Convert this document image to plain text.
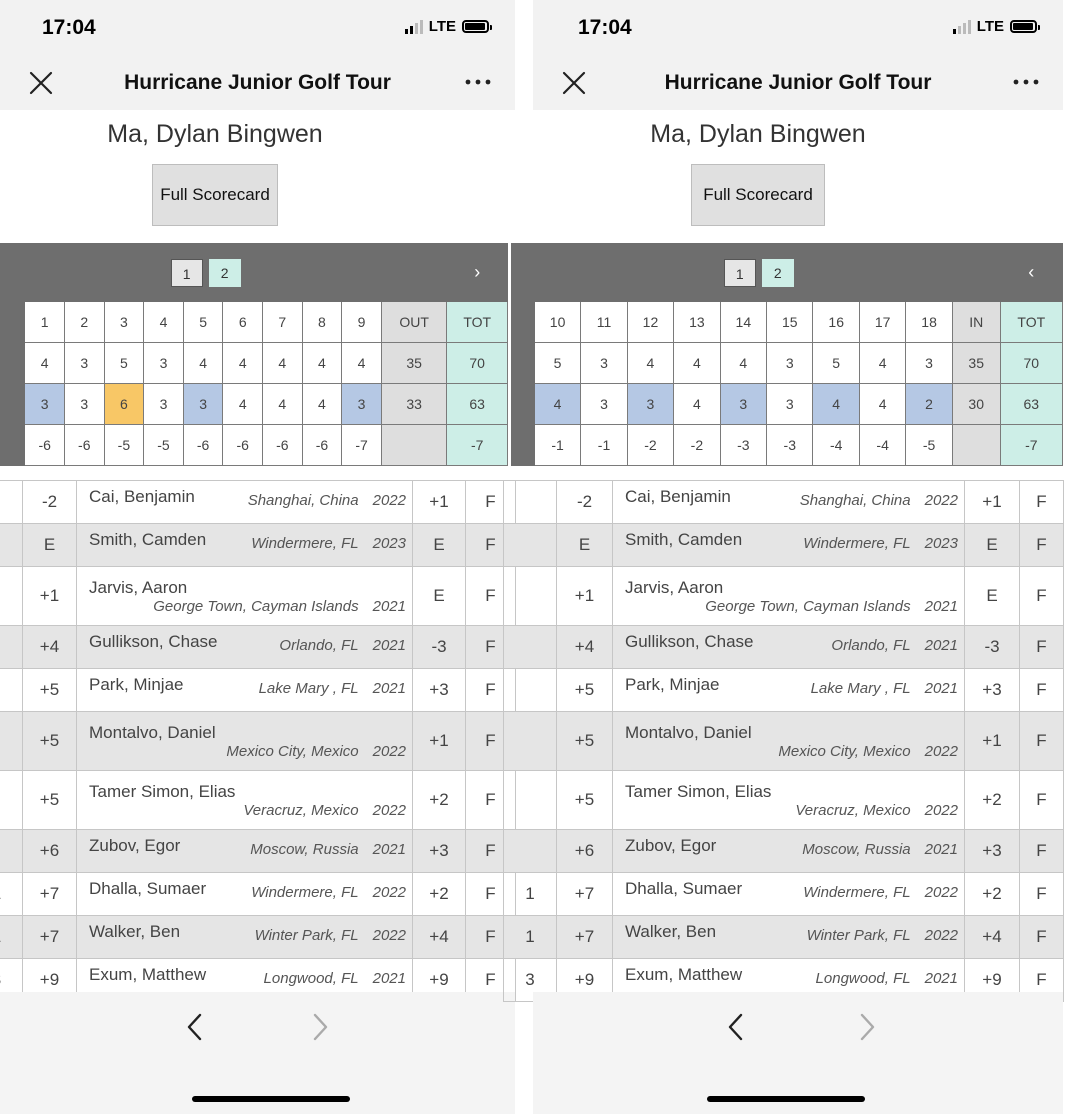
17:04	LTE
Hurricane Junior Golf Tour
Ma, Dylan Bingwen
Full Scorecard
1 2											›
	1	2	3	4	5	6	7	8	9	OUT	TOT
	4	3	5	3	4	4	4	4	4	35	70
	3	3	6	3	3	4	4	4	3	33	63
	-6	-6	-5	-5	-6	-6	-6	-6	-7		-7
	-2	Cai, Benjamin Shanghai, China 2022	+1	F
	E	Smith, Camden Windermere, FL 2023	E	F
	+1	Jarvis, Aaron
George Town, Cayman Islands 2021	E	F
	+4	Gullikson, Chase Orlando, FL 2021	-3	F
	+5	Park, Minjae Lake Mary , FL 2021	+3	F
	+5	Montalvo, Daniel
Mexico City, Mexico 2022	+1	F
	+5	Tamer Simon, Elias
Veracruz, Mexico 2022	+2	F
	+6	Zubov, Egor Moscow, Russia 2021	+3	F
	+7	Dhalla, Sumaer Windermere, FL 2022	+2	F
	+7	Walker, Ben Winter Park, FL 2022	+4	F
	+9	Exum, Matthew Longwood, FL 2021	+9	F
17:04	LTE
Hurricane Junior Golf Tour
Ma, Dylan Bingwen
Full Scorecard
1 2											‹
	10	11	12	13	14	15	16	17	18	IN	TOT
	5	3	4	4	4	3	5	4	3	35	70
	4	3	3	4	3	3	4	4	2	30	63
	-1	-1	-2	-2	-3	-3	-4	-4	-5		-7
	-2	Cai, Benjamin Shanghai, China 2022	+1	F
	E	Smith, Camden Windermere, FL 2023	E	F
	+1	Jarvis, Aaron
George Town, Cayman Islands 2021	E	F
	+4	Gullikson, Chase Orlando, FL 2021	-3	F
	+5	Park, Minjae Lake Mary , FL 2021	+3	F
	+5	Montalvo, Daniel
Mexico City, Mexico 2022	+1	F
	+5	Tamer Simon, Elias
Veracruz, Mexico 2022	+2	F
	+6	Zubov, Egor Moscow, Russia 2021	+3	F
1	+7	Dhalla, Sumaer Windermere, FL 2022	+2	F
1	+7	Walker, Ben Winter Park, FL 2022	+4	F
3	+9	Exum, Matthew Longwood, FL 2021	+9	F
